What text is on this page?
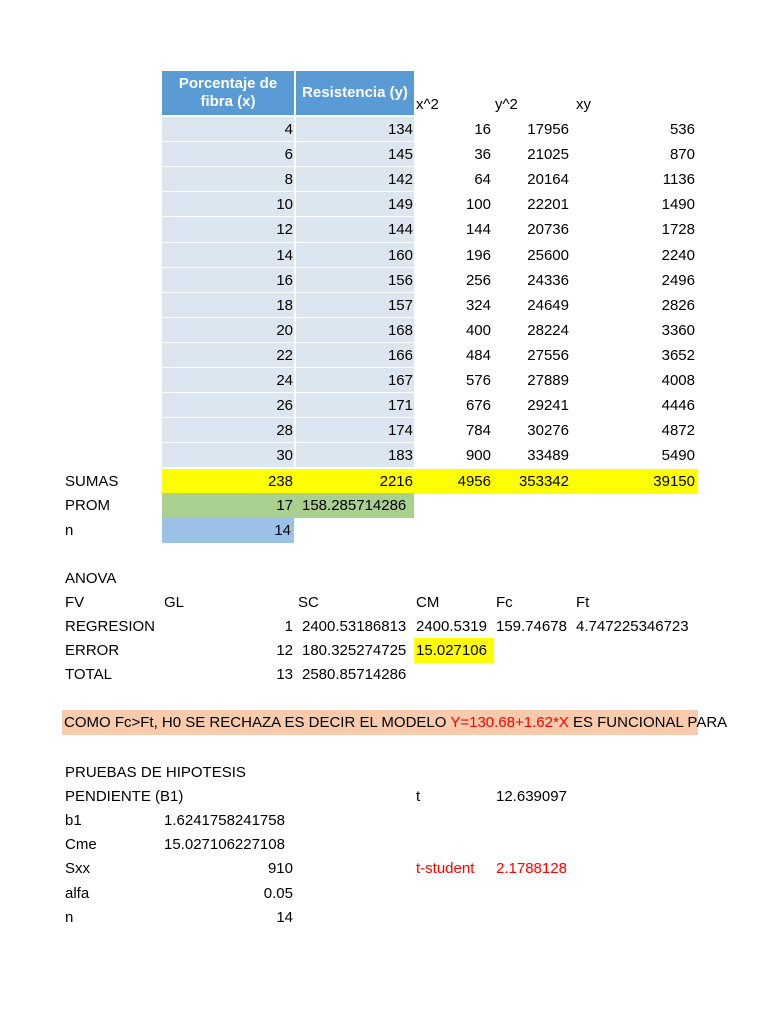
Porcentaje de
fibra (x)
Resistencia (y)
x^2	y^2	xy
4	134	16	17956	536
6	145	36	21025	870
8	142	64	20164	1136
10	149	100	22201	1490
12	144	144	20736	1728
14	160	196	25600	2240
16	156	256	24336	2496
18	157	324	24649	2826
20	168	400	28224	3360
22	166	484	27556	3652
24	167	576	27889	4008
26	171	676	29241	4446
28	174	784	30276	4872
30	183	900	33489	5490
SUMAS	238	2216	4956	353342	39150
PROM	17 158.285714286
n	14
ANOVA
FV	GL	SC	CM	Fc	Ft
REGRESION	1 2400.53186813 2400.5319 159.74678 4.747225346723
ERROR	12 180.325274725 15.027106
TOTAL	13 2580.85714286
COMO Fc>Ft, H0 SE RECHAZA ES DECIR EL MODELO Y=130.68+1.62*X ES FUNCIONAL PARA
PRUEBAS DE HIPOTESIS
PENDIENTE (B1)	t	12.639097
b1	1.6241758241758
Cme	15.027106227108
Sxx	910	t-student 2.1788128
alfa	0.05
n	14
